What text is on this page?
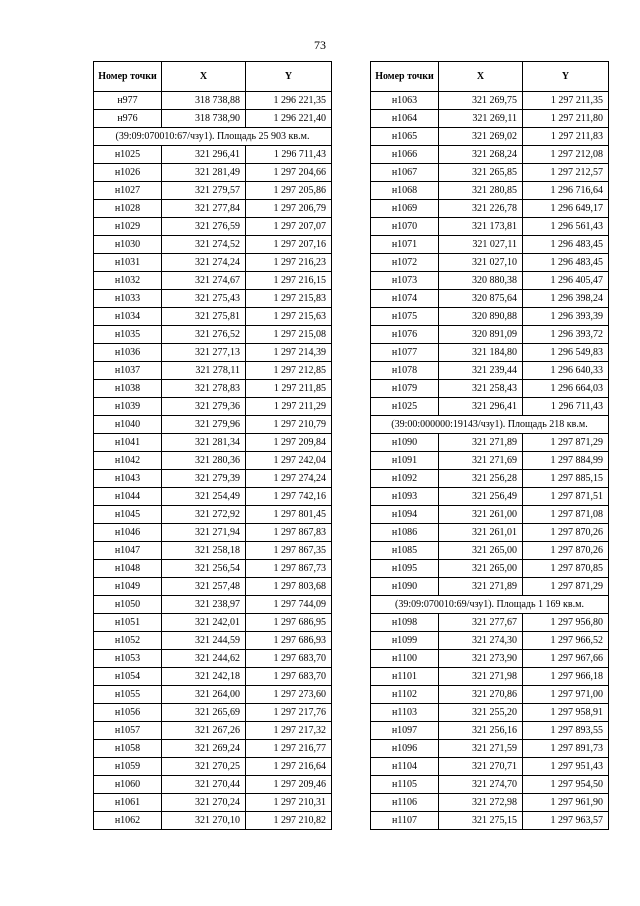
73
Номер точки	X	Y
н977	318 738,88	1 296 221,35
н976	318 738,90	1 296 221,40
(39:09:070010:67/чзу1). Площадь 25 903 кв.м.		
н1025	321 296,41	1 296 711,43
н1026	321 281,49	1 297 204,66
н1027	321 279,57	1 297 205,86
н1028	321 277,84	1 297 206,79
н1029	321 276,59	1 297 207,07
н1030	321 274,52	1 297 207,16
н1031	321 274,24	1 297 216,23
н1032	321 274,67	1 297 216,15
н1033	321 275,43	1 297 215,83
н1034	321 275,81	1 297 215,63
н1035	321 276,52	1 297 215,08
н1036	321 277,13	1 297 214,39
н1037	321 278,11	1 297 212,85
н1038	321 278,83	1 297 211,85
н1039	321 279,36	1 297 211,29
н1040	321 279,96	1 297 210,79
н1041	321 281,34	1 297 209,84
н1042	321 280,36	1 297 242,04
н1043	321 279,39	1 297 274,24
н1044	321 254,49	1 297 742,16
н1045	321 272,92	1 297 801,45
н1046	321 271,94	1 297 867,83
н1047	321 258,18	1 297 867,35
н1048	321 256,54	1 297 867,73
н1049	321 257,48	1 297 803,68
н1050	321 238,97	1 297 744,09
н1051	321 242,01	1 297 686,95
н1052	321 244,59	1 297 686,93
н1053	321 244,62	1 297 683,70
н1054	321 242,18	1 297 683,70
н1055	321 264,00	1 297 273,60
н1056	321 265,69	1 297 217,76
н1057	321 267,26	1 297 217,32
н1058	321 269,24	1 297 216,77
н1059	321 270,25	1 297 216,64
н1060	321 270,44	1 297 209,46
н1061	321 270,24	1 297 210,31
н1062	321 270,10	1 297 210,82
Номер точки	X	Y
н1063	321 269,75	1 297 211,35
н1064	321 269,11	1 297 211,80
н1065	321 269,02	1 297 211,83
н1066	321 268,24	1 297 212,08
н1067	321 265,85	1 297 212,57
н1068	321 280,85	1 296 716,64
н1069	321 226,78	1 296 649,17
н1070	321 173,81	1 296 561,43
н1071	321 027,11	1 296 483,45
н1072	321 027,10	1 296 483,45
н1073	320 880,38	1 296 405,47
н1074	320 875,64	1 296 398,24
н1075	320 890,88	1 296 393,39
н1076	320 891,09	1 296 393,72
н1077	321 184,80	1 296 549,83
н1078	321 239,44	1 296 640,33
н1079	321 258,43	1 296 664,03
н1025	321 296,41	1 296 711,43
(39:00:000000:19143/чзу1). Площадь 218 кв.м.		
н1090	321 271,89	1 297 871,29
н1091	321 271,69	1 297 884,99
н1092	321 256,28	1 297 885,15
н1093	321 256,49	1 297 871,51
н1094	321 261,00	1 297 871,08
н1086	321 261,01	1 297 870,26
н1085	321 265,00	1 297 870,26
н1095	321 265,00	1 297 870,85
н1090	321 271,89	1 297 871,29
(39:09:070010:69/чзу1). Площадь 1 169 кв.м.		
н1098	321 277,67	1 297 956,80
н1099	321 274,30	1 297 966,52
н1100	321 273,90	1 297 967,66
н1101	321 271,98	1 297 966,18
н1102	321 270,86	1 297 971,00
н1103	321 255,20	1 297 958,91
н1097	321 256,16	1 297 893,55
н1096	321 271,59	1 297 891,73
н1104	321 270,71	1 297 951,43
н1105	321 274,70	1 297 954,50
н1106	321 272,98	1 297 961,90
н1107	321 275,15	1 297 963,57
